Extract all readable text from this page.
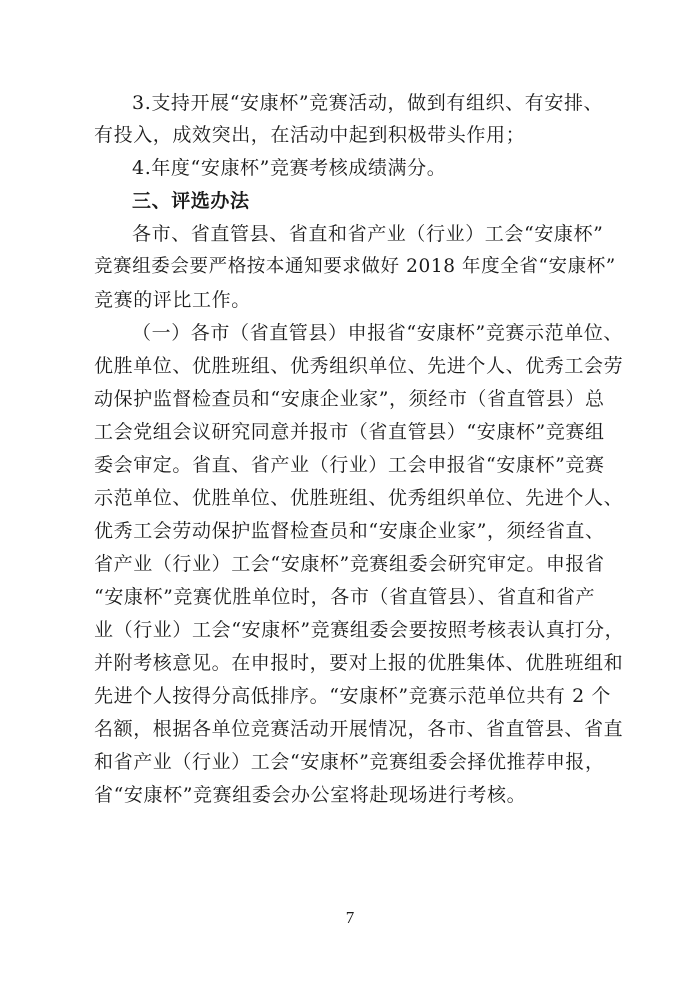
3.支持开展“安康杯”竞赛活动，做到有组织、有安排、
有投入，成效突出，在活动中起到积极带头作用；
4.年度“安康杯”竞赛考核成绩满分。
三、评选办法
各市、省直管县、省直和省产业（行业）工会“安康杯”
竞赛组委会要严格按本通知要求做好 2018 年度全省“安康杯”
竞赛的评比工作。
（一）各市（省直管县）申报省“安康杯”竞赛示范单位、
优胜单位、优胜班组、优秀组织单位、先进个人、优秀工会劳
动保护监督检查员和“安康企业家”，须经市（省直管县）总
工会党组会议研究同意并报市（省直管县）“安康杯”竞赛组
委会审定。省直、省产业（行业）工会申报省“安康杯”竞赛
示范单位、优胜单位、优胜班组、优秀组织单位、先进个人、
优秀工会劳动保护监督检查员和“安康企业家”，须经省直、
省产业（行业）工会“安康杯”竞赛组委会研究审定。申报省
“安康杯”竞赛优胜单位时，各市（省直管县）、省直和省产
业（行业）工会“安康杯”竞赛组委会要按照考核表认真打分，
并附考核意见。在申报时，要对上报的优胜集体、优胜班组和
先进个人按得分高低排序。“安康杯”竞赛示范单位共有 2 个
名额，根据各单位竞赛活动开展情况，各市、省直管县、省直
和省产业（行业）工会“安康杯”竞赛组委会择优推荐申报，
省“安康杯”竞赛组委会办公室将赴现场进行考核。
7
